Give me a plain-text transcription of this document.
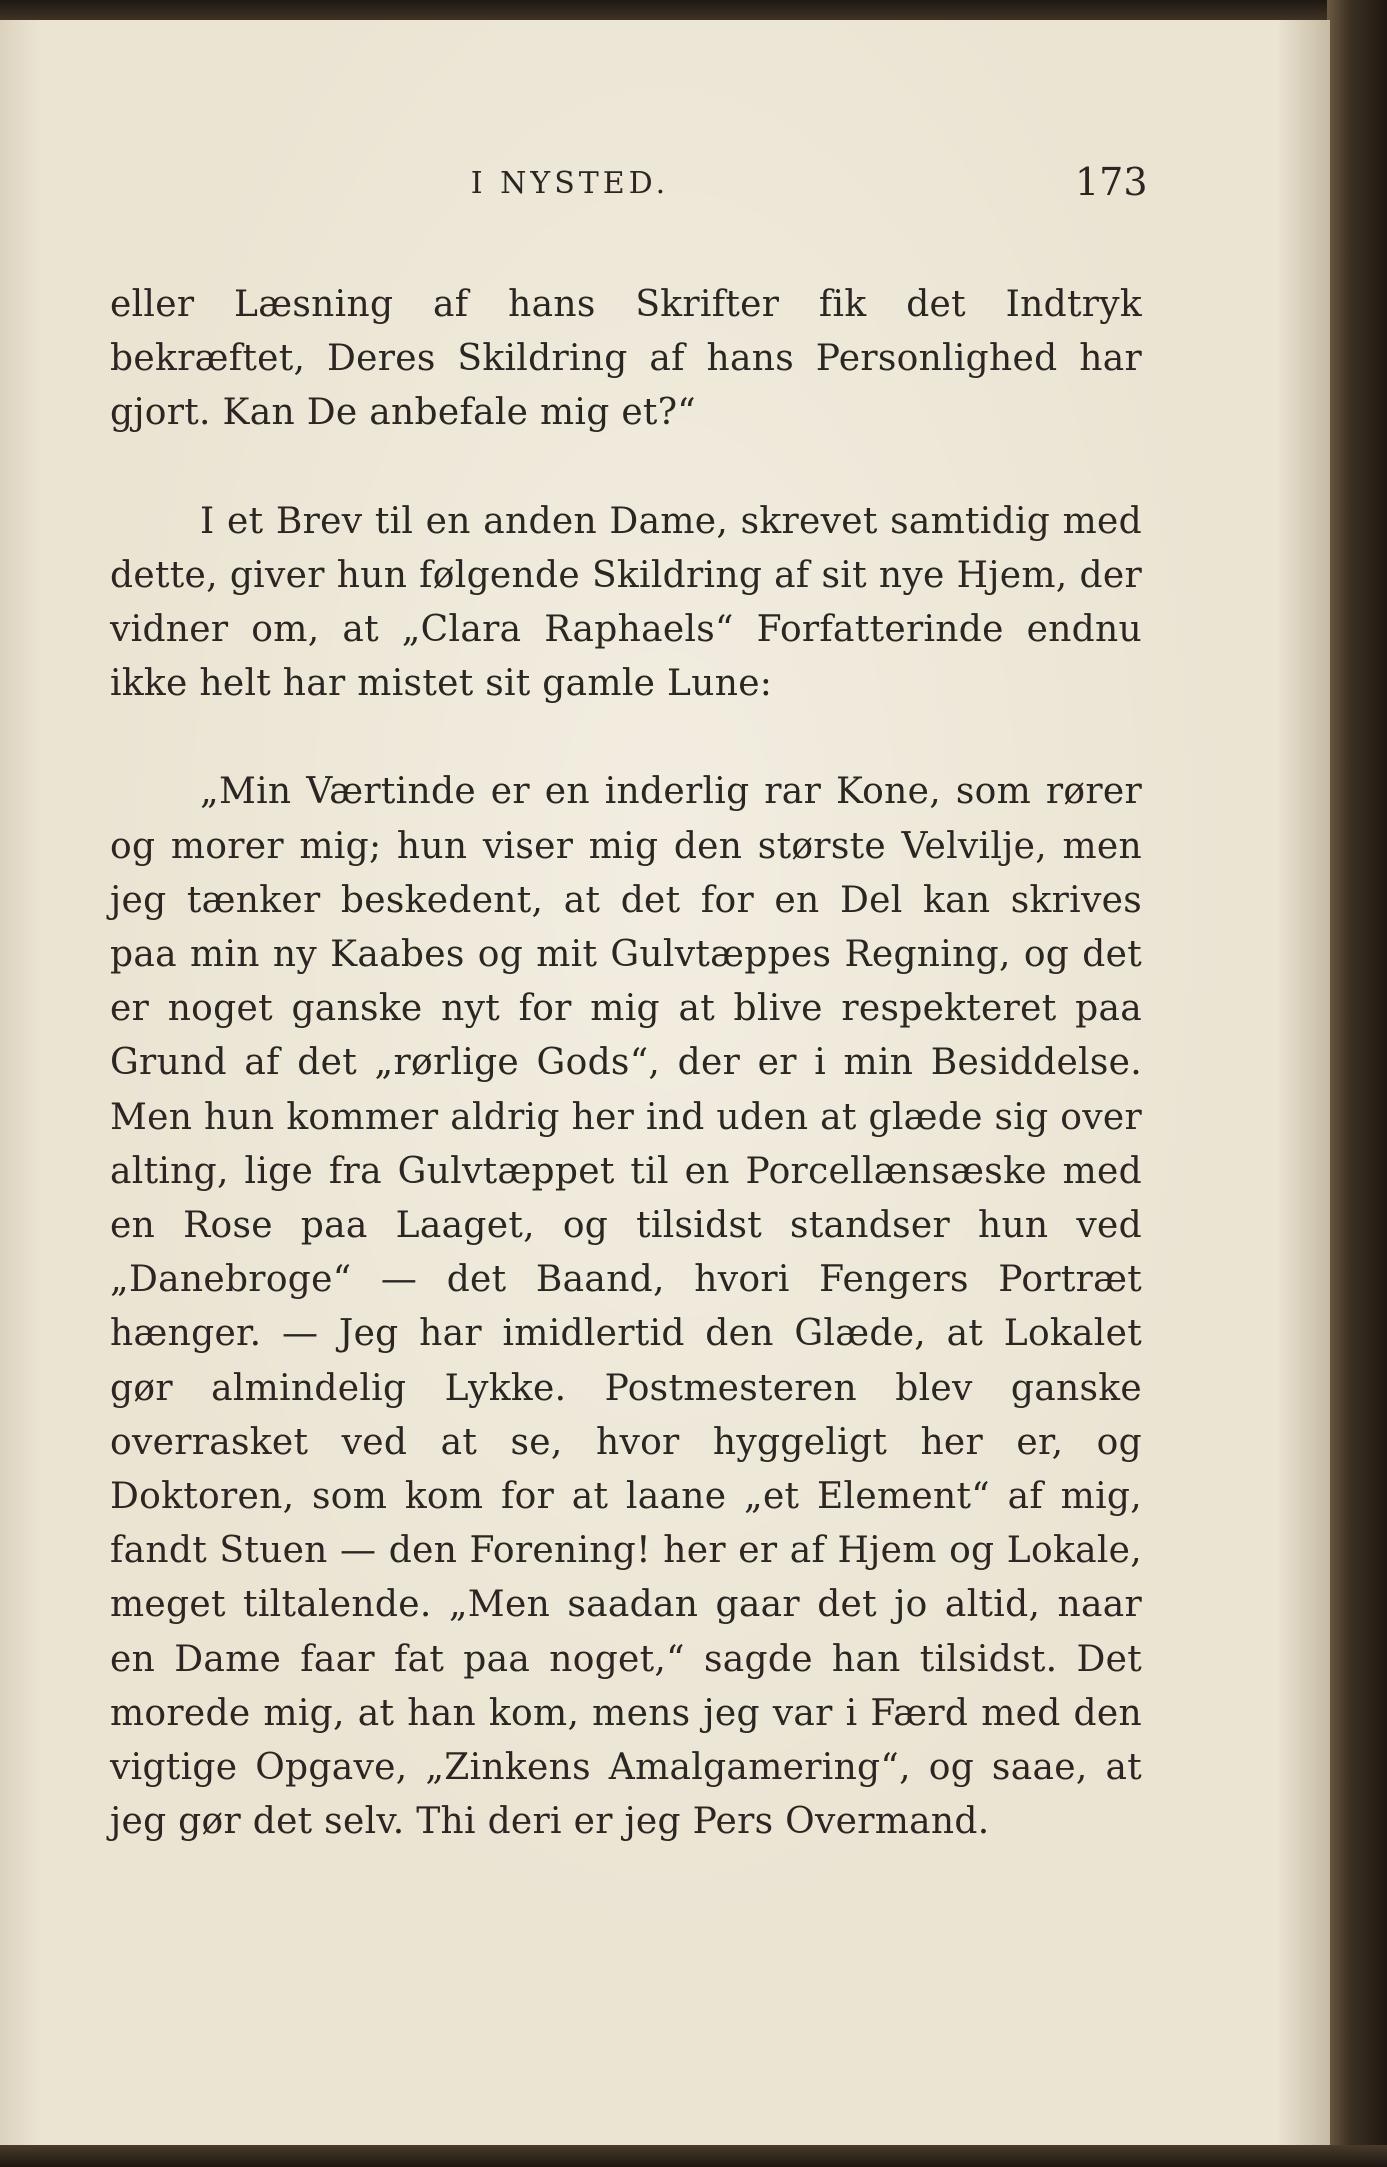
I NYSTED.	173

eller Læsning af hans Skrifter fik det Indtryk bekræftet, Deres Skildring af hans Personlighed har gjort. Kan De anbefale mig et?“

I et Brev til en anden Dame, skrevet samtidig med dette, giver hun følgende Skildring af sit nye Hjem, der vidner om, at „Clara Raphaels“ Forfatterinde endnu ikke helt har mistet sit gamle Lune:

„Min Værtinde er en inderlig rar Kone, som rører og morer mig; hun viser mig den største Velvilje, men jeg tænker beskedent, at det for en Del kan skrives paa min ny Kaabes og mit Gulvtæppes Regning, og det er noget ganske nyt for mig at blive respekteret paa Grund af det „rørlige Gods“, der er i min Besiddelse. Men hun kommer aldrig her ind uden at glæde sig over alting, lige fra Gulvtæppet til en Porcellænsæske med en Rose paa Laaget, og tilsidst standser hun ved „Danebroge“ — det Baand, hvori Fengers Portræt hænger. — Jeg har imidlertid den Glæde, at Lokalet gør almindelig Lykke. Postmesteren blev ganske overrasket ved at se, hvor hyggeligt her er, og Doktoren, som kom for at laane „et Element“ af mig, fandt Stuen — den Forening! her er af Hjem og Lokale, meget tiltalende. „Men saadan gaar det jo altid, naar en Dame faar fat paa noget,“ sagde han tilsidst. Det morede mig, at han kom, mens jeg var i Færd med den vigtige Opgave, „Zinkens Amalgamering“, og saae, at jeg gør det selv. Thi deri er jeg Pers Overmand.
